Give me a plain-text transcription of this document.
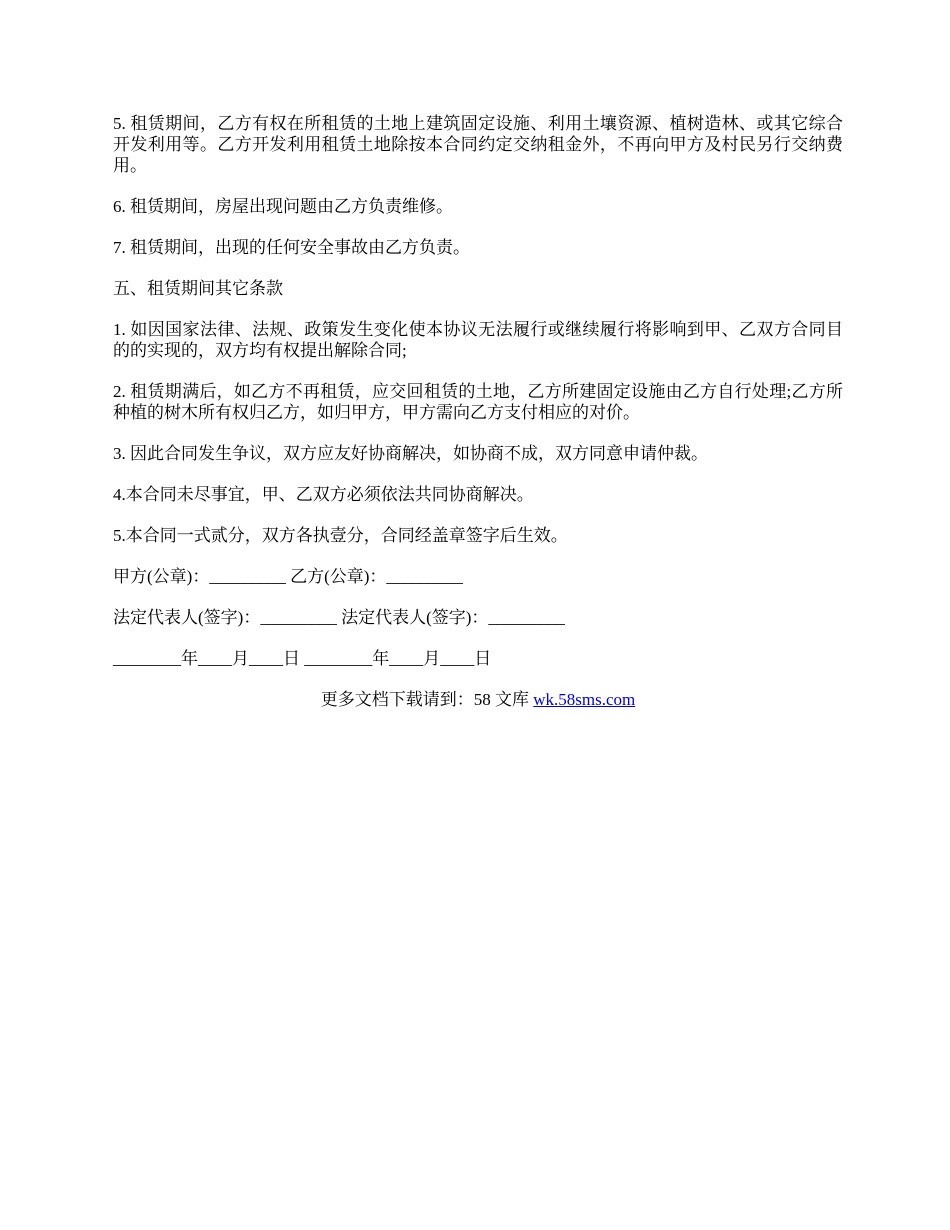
5. 租赁期间，乙方有权在所租赁的土地上建筑固定设施、利用土壤资源、植树造林、或其它综合开发利用等。乙方开发利用租赁土地除按本合同约定交纳租金外，不再向甲方及村民另行交纳费用。

6. 租赁期间，房屋出现问题由乙方负责维修。

7. 租赁期间，出现的任何安全事故由乙方负责。

五、租赁期间其它条款

1. 如因国家法律、法规、政策发生变化使本协议无法履行或继续履行将影响到甲、乙双方合同目的的实现的，双方均有权提出解除合同;

2. 租赁期满后，如乙方不再租赁，应交回租赁的土地，乙方所建固定设施由乙方自行处理;乙方所种植的树木所有权归乙方，如归甲方，甲方需向乙方支付相应的对价。

3. 因此合同发生争议，双方应友好协商解决，如协商不成，双方同意申请仲裁。

4.本合同未尽事宜，甲、乙双方必须依法共同协商解决。

5.本合同一式贰分，双方各执壹分，合同经盖章签字后生效。

甲方(公章)：_________ 乙方(公章)：_________

法定代表人(签字)：_________ 法定代表人(签字)：_________

________年____月____日 ________年____月____日

更多文档下载请到：58 文库 wk.58sms.com
